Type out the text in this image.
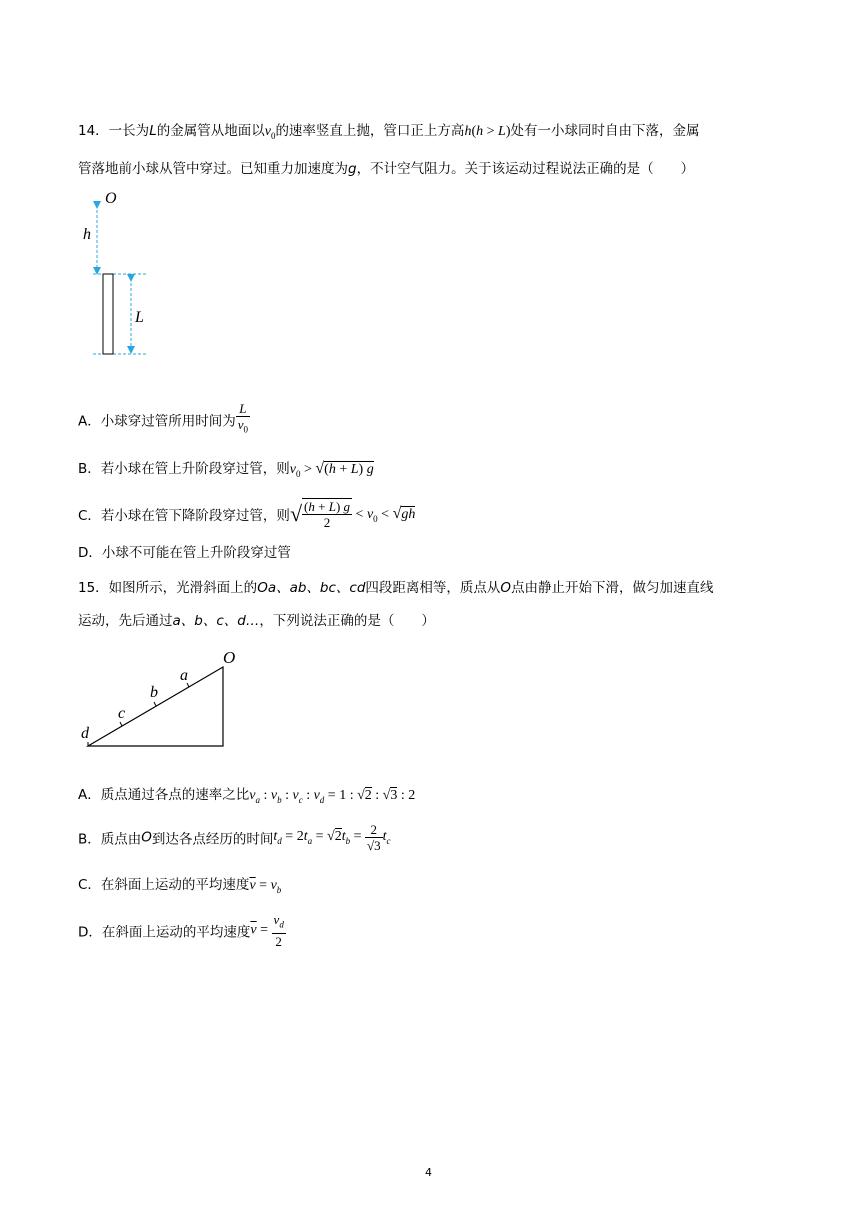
14．一长为L的金属管从地面以$v_0$的速率竖直上抛，管口正上方高h(h > L)处有一小球同时自由下落，金属
管落地前小球从管中穿过。已知重力加速度为g，不计空气阻力。关于该运动过程说法正确的是（　　）
O
h
L
A．小球穿过管所用时间为 $\frac{L}{v_0}$
B．若小球在管上升阶段穿过管，则$v_0 > √(h + L)$ g
C．若小球在管下降阶段穿过管，则√ $\frac{(h + L) g}{2} < v_0 < √gh$
D．小球不可能在管上升阶段穿过管
15．如图所示，光滑斜面上的Oa、ab、bc、cd四段距离相等，质点从O点由静止开始下滑，做匀加速直线
运动，先后通过a、b、c、d…，下列说法正确的是（　　）
O
a
b
c
d
A．质点通过各点的速率之比$v_a$ : $v_b$ : $v_c$ : $v_d = 1$ : √2 : √3 : 2
B．质点由O到达各点经历的时间$t_d = 2t_a = √2t_b = \frac{2}{√3} t_c$
C．在斜面上运动的平均速度$\overline{v} = v_b$
D．在斜面上运动的平均速度$\overline{v} = \frac{v_d}{2}$
4
